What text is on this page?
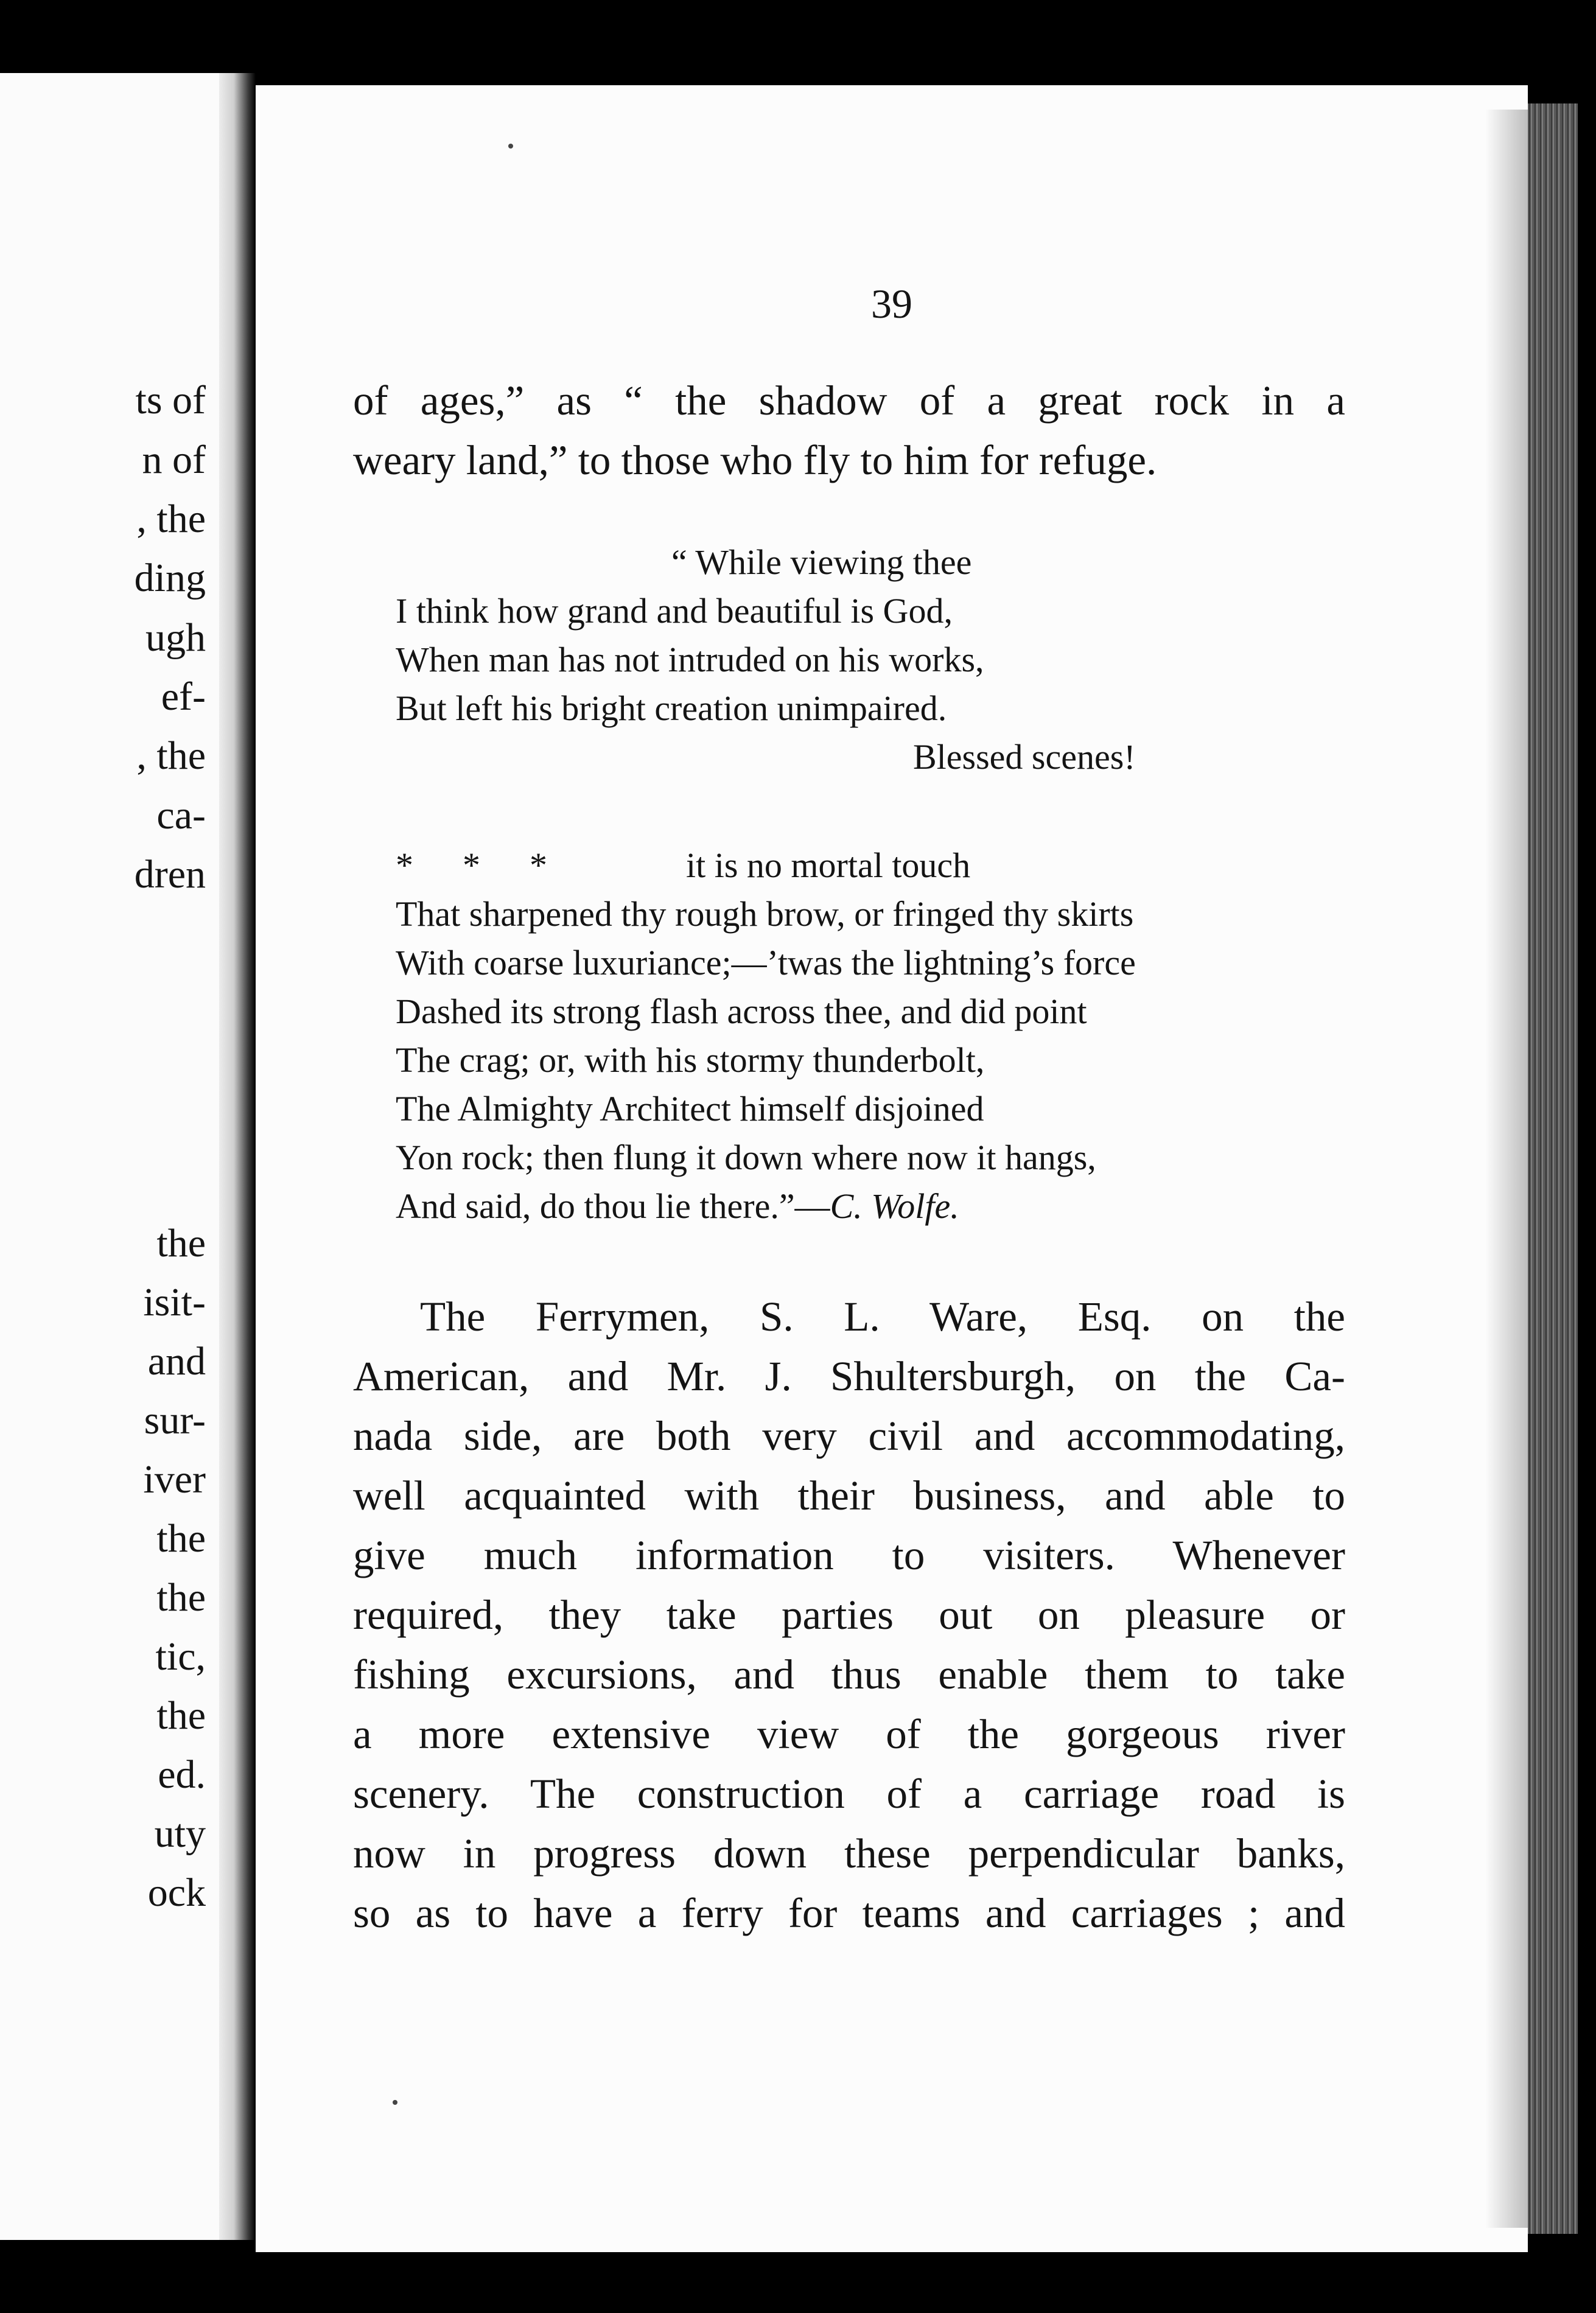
ts of
n of
, the
ding
ugh
ef-
, the
ca-
dren
the
isit-
and
sur-
iver
the
the
tic,
the
ed.
uty
ock
39
of ages,” as “ the shadow of a great rock in a
weary land,” to those who fly to him for refuge.
“ While viewing thee
I think how grand and beautiful is God,
When man has not intruded on his works,
But left his bright creation unimpaired.
Blessed scenes!
* * *	it is no mortal touch
That sharpened thy rough brow, or fringed thy skirts
With coarse luxuriance;—’twas the lightning’s force
Dashed its strong flash across thee, and did point
The crag; or, with his stormy thunderbolt,
The Almighty Architect himself disjoined
Yon rock; then flung it down where now it hangs,
And said, do thou lie there.”—C. Wolfe.
The Ferrymen, S. L. Ware, Esq. on the
American, and Mr. J. Shultersburgh, on the Ca-
nada side, are both very civil and accommodating,
well acquainted with their business, and able to
give much information to visiters. Whenever
required, they take parties out on pleasure or
fishing excursions, and thus enable them to take
a more extensive view of the gorgeous river
scenery. The construction of a carriage road is
now in progress down these perpendicular banks,
so as to have a ferry for teams and carriages ; and
